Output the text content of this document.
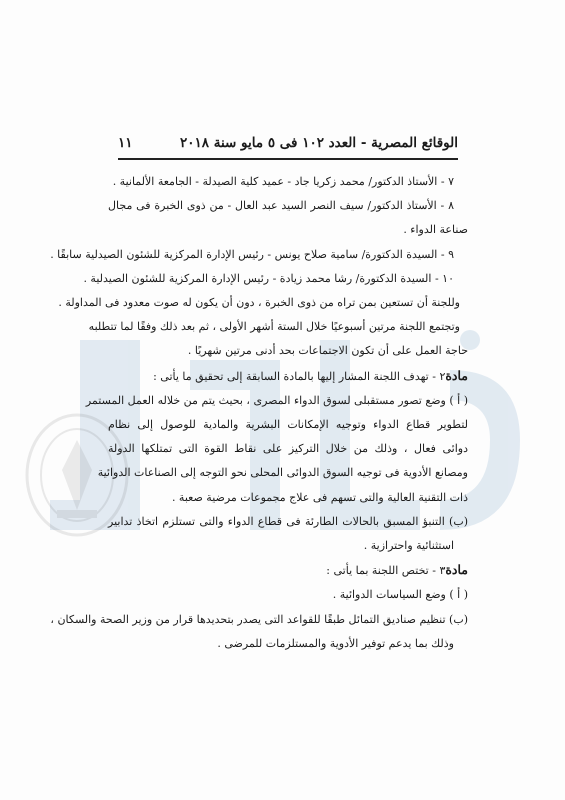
الوقائع المصرية - العدد ١٠٢ فى ٥ مايو سنة ٢٠١٨
١١

٧ - الأستاذ الدكتور/ محمد زكريا جاد - عميد كلية الصيدلة - الجامعة الألمانية .

٨ - الأستاذ الدكتور/ سيف النصر السيد عبد العال - من ذوى الخبرة فى مجال

صناعة الدواء .

٩ - السيدة الدكتورة/ سامية صلاح يونس - رئيس الإدارة المركزية للشئون الصيدلية سابقًا .

١٠ - السيدة الدكتورة/ رشا محمد زيادة - رئيس الإدارة المركزية للشئون الصيدلية .

وللجنة أن تستعين بمن تراه من ذوى الخبرة ، دون أن يكون له صوت معدود فى المداولة .

وتجتمع اللجنة مرتين أسبوعيًا خلال الستة أشهر الأولى ، ثم بعد ذلك وفقًا لما تتطلبه

حاجة العمل على أن تكون الاجتماعات بحد أدنى مرتين شهريًا .

مادة٢ - تهدف اللجنة المشار إليها بالمادة السابقة إلى تحقيق ما يأتى :

( أ ) وضع تصور مستقبلى لسوق الدواء المصرى ، بحيث يتم من خلاله العمل المستمر

لتطوير قطاع الدواء وتوجيه الإمكانات البشرية والمادية للوصول إلى نظام

دوائى فعال ، وذلك من خلال التركيز على نقاط القوة التى تمتلكها الدولة

ومصانع الأدوية فى توجيه السوق الدوائى المحلى نحو التوجه إلى الصناعات الدوائية

ذات التقنية العالية والتى تسهم فى علاج مجموعات مرضية صعبة .

(ب) التنبؤ المسبق بالحالات الطارئة فى قطاع الدواء والتى تستلزم اتخاذ تدابير

استثنائية واحترازية .

مادة٣ - تختص اللجنة بما يأتى :

( أ ) وضع السياسات الدوائية .

(ب) تنظيم صناديق التمائل طبقًا للقواعد التى يصدر بتحديدها قرار من وزير الصحة والسكان ،

وذلك بما يدعم توفير الأدوية والمستلزمات للمرضى .
